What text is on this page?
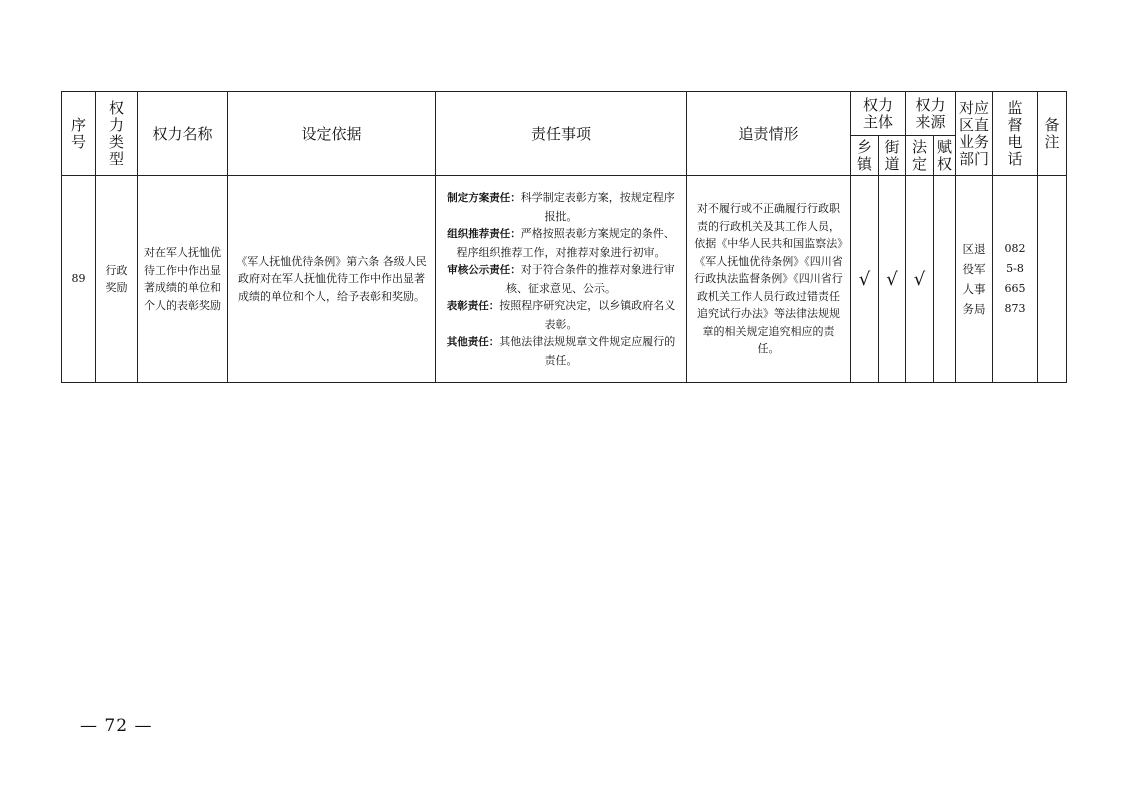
序号	权力类型	权力名称	设定依据	责任事项	追责情形	权力主体		权力来源		对应区直业务部门	监督电话	备注

						乡镇	街道	法定	赋权			

89	行政奖励	对在军人抚恤优待工作中作出显著成绩的单位和个人的表彰奖励	《军人抚恤优待条例》第六条 各级人民政府对在军人抚恤优待工作中作出显著成绩的单位和个人，给予表彰和奖励。	制定方案责任：科学制定表彰方案，按规定程序报批。

组织推荐责任：严格按照表彰方案规定的条件、程序组织推荐工作，对推荐对象进行初审。

审核公示责任：对于符合条件的推荐对象进行审核、征求意见、公示。

表彰责任：按照程序研究决定，以乡镇政府名义表彰。

其他责任：其他法律法规规章文件规定应履行的责任。	对不履行或不正确履行行政职责的行政机关及其工作人员，依据《中华人民共和国监察法》《军人抚恤优待条例》《四川省行政执法监督条例》《四川省行政机关工作人员行政过错责任追究试行办法》等法律法规规章的相关规定追究相应的责任。	√	√	√		区退役军人事务局	0825-8665873	

— 72 —
